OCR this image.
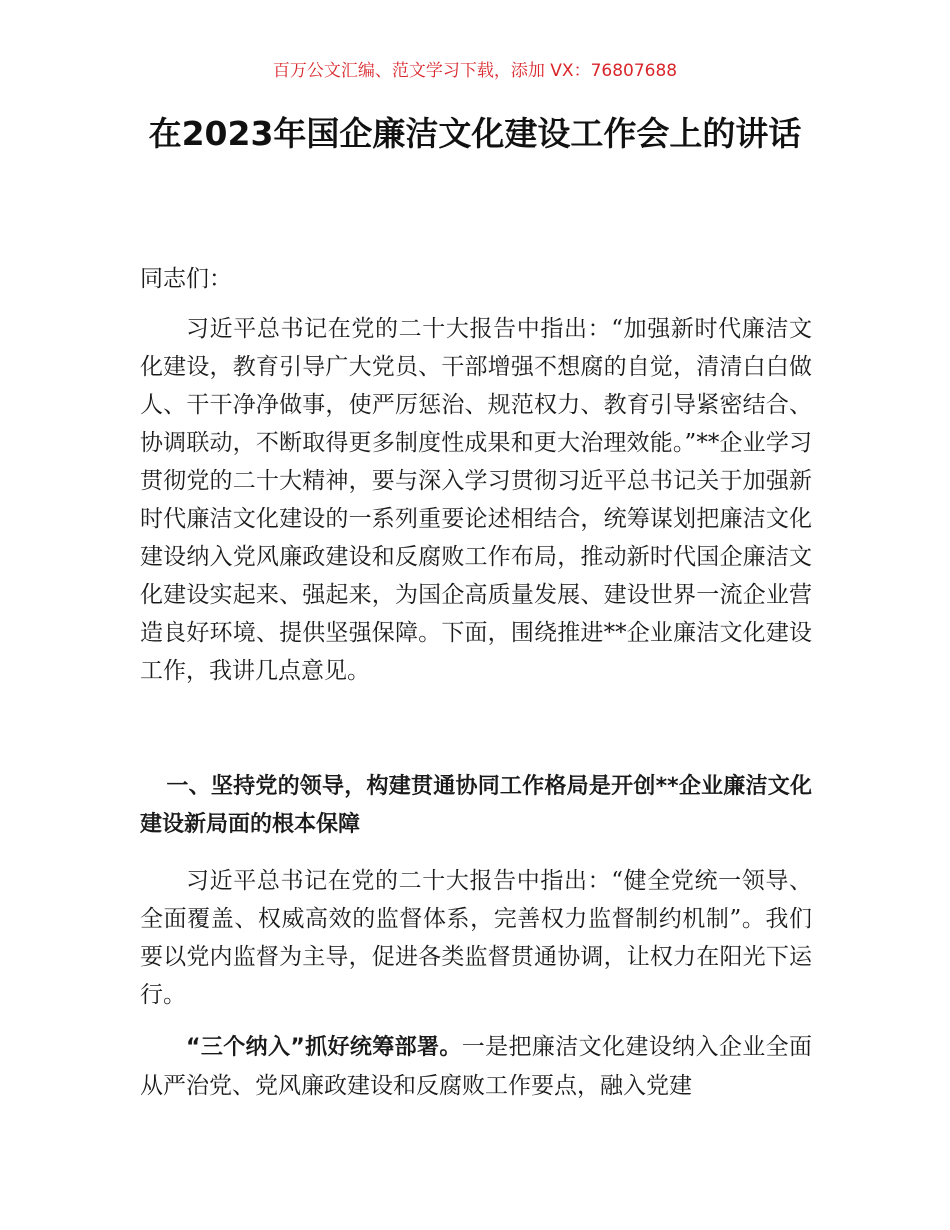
百万公文汇编、范文学习下载，添加 VX：76807688
在2023年国企廉洁文化建设工作会上的讲话
同志们：
习近平总书记在党的二十大报告中指出：“加强新时代廉洁文化建设，教育引导广大党员、干部增强不想腐的自觉，清清白白做人、干干净净做事，使严厉惩治、规范权力、教育引导紧密结合、协调联动，不断取得更多制度性成果和更大治理效能。”**企业学习贯彻党的二十大精神，要与深入学习贯彻习近平总书记关于加强新时代廉洁文化建设的一系列重要论述相结合，统筹谋划把廉洁文化建设纳入党风廉政建设和反腐败工作布局，推动新时代国企廉洁文化建设实起来、强起来，为国企高质量发展、建设世界一流企业营造良好环境、提供坚强保障。下面，围绕推进**企业廉洁文化建设工作，我讲几点意见。
一、坚持党的领导，构建贯通协同工作格局是开创**企业廉洁文化建设新局面的根本保障
习近平总书记在党的二十大报告中指出：“健全党统一领导、全面覆盖、权威高效的监督体系，完善权力监督制约机制”。我们要以党内监督为主导，促进各类监督贯通协调，让权力在阳光下运行。
“三个纳入”抓好统筹部署。一是把廉洁文化建设纳入企业全面从严治党、党风廉政建设和反腐败工作要点，融入党建
